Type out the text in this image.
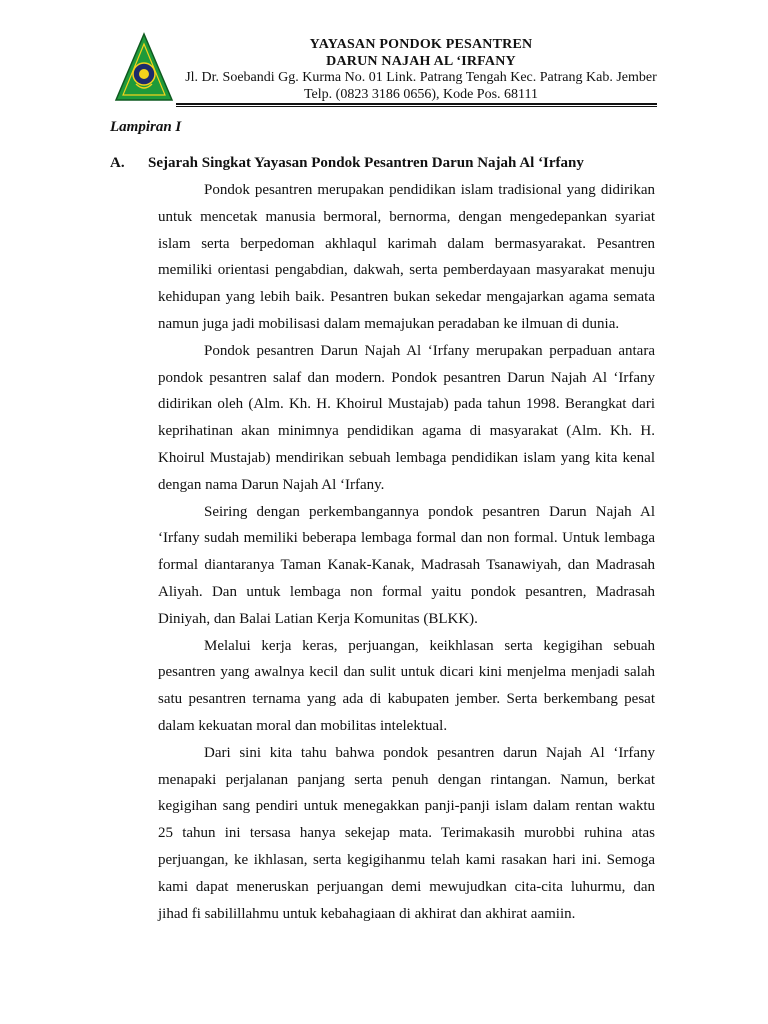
YAYASAN PONDOK PESANTREN
DARUN NAJAH AL ‘IRFANY
Jl. Dr. Soebandi Gg. Kurma No. 01 Link. Patrang Tengah Kec. Patrang Kab. Jember
Telp. (0823 3186 0656), Kode Pos. 68111
Lampiran I
A. Sejarah Singkat Yayasan Pondok Pesantren Darun Najah Al ‘Irfany

Pondok pesantren merupakan pendidikan islam tradisional yang didirikan untuk mencetak manusia bermoral, bernorma, dengan mengedepankan syariat islam serta berpedoman akhlaqul karimah dalam bermasyarakat. Pesantren memiliki orientasi pengabdian, dakwah, serta pemberdayaan masyarakat menuju kehidupan yang lebih baik. Pesantren bukan sekedar mengajarkan agama semata namun juga jadi mobilisasi dalam memajukan peradaban ke ilmuan di dunia.

Pondok pesantren Darun Najah Al ‘Irfany merupakan perpaduan antara pondok pesantren salaf dan modern. Pondok pesantren Darun Najah Al ‘Irfany didirikan oleh (Alm. Kh. H. Khoirul Mustajab) pada tahun 1998. Berangkat dari keprihatinan akan minimnya pendidikan agama di masyarakat (Alm. Kh. H. Khoirul Mustajab) mendirikan sebuah lembaga pendidikan islam yang kita kenal dengan nama Darun Najah Al ‘Irfany.

Seiring dengan perkembangannya pondok pesantren Darun Najah Al ‘Irfany sudah memiliki beberapa lembaga formal dan non formal. Untuk lembaga formal diantaranya Taman Kanak-Kanak, Madrasah Tsanawiyah, dan Madrasah Aliyah. Dan untuk lembaga non formal yaitu pondok pesantren, Madrasah Diniyah, dan Balai Latian Kerja Komunitas (BLKK).

Melalui kerja keras, perjuangan, keikhlasan serta kegigihan sebuah pesantren yang awalnya kecil dan sulit untuk dicari kini menjelma menjadi salah satu pesantren ternama yang ada di kabupaten jember. Serta berkembang pesat dalam kekuatan moral dan mobilitas intelektual.

Dari sini kita tahu bahwa pondok pesantren darun Najah Al ‘Irfany menapaki perjalanan panjang serta penuh dengan rintangan. Namun, berkat kegigihan sang pendiri untuk menegakkan panji-panji islam dalam rentan waktu 25 tahun ini tersasa hanya sekejap mata. Terimakasih murobbi ruhina atas perjuangan, ke ikhlasan, serta kegigihanmu telah kami rasakan hari ini. Semoga kami dapat meneruskan perjuangan demi mewujudkan cita-cita luhurmu, dan jihad fi sabilillahmu untuk kebahagiaan di akhirat dan akhirat aamiin.
